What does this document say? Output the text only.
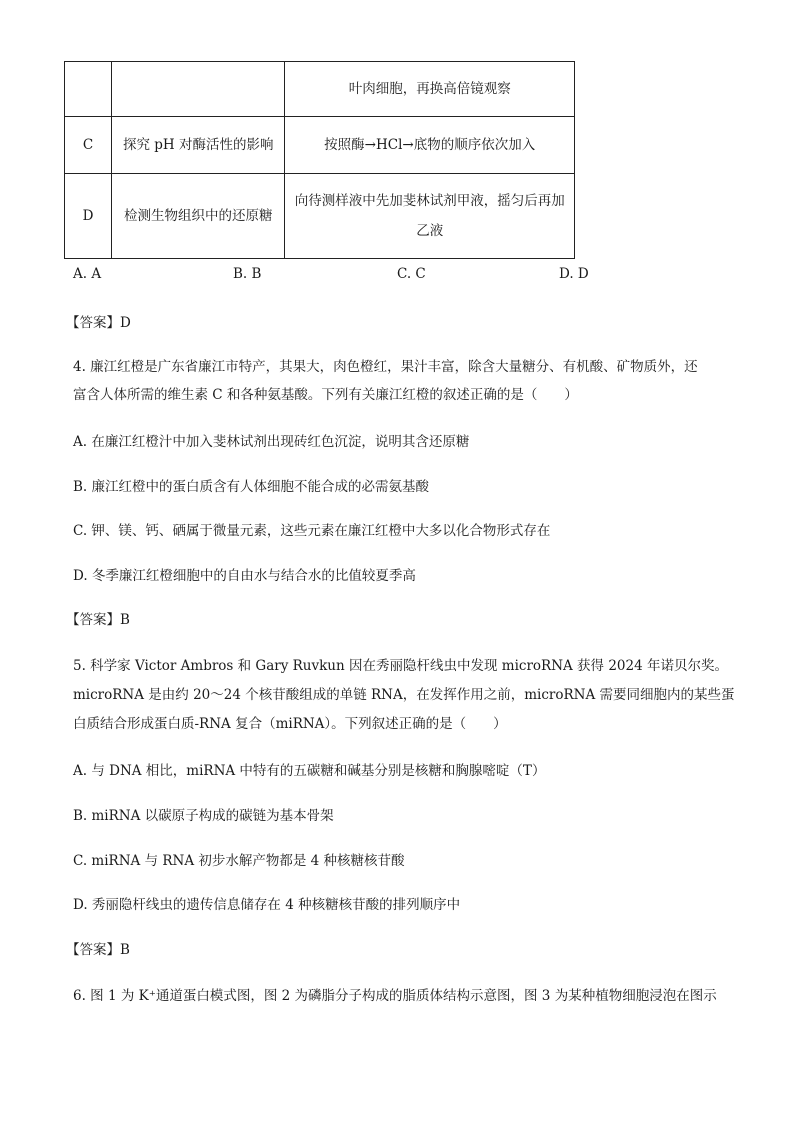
		叶肉细胞，再换高倍镜观察
C	探究 pH 对酶活性的影响	按照酶→HCl→底物的顺序依次加入
D	检测生物组织中的还原糖	向待测样液中先加斐林试剂甲液，摇匀后再加
乙液
A. A	B. B	C. C	D. D
【答案】D
4. 廉江红橙是广东省廉江市特产，其果大，肉色橙红，果汁丰富，除含大量糖分、有机酸、矿物质外，还
富含人体所需的维生素 C 和各种氨基酸。下列有关廉江红橙的叙述正确的是（　　）
A. 在廉江红橙汁中加入斐林试剂出现砖红色沉淀，说明其含还原糖
B. 廉江红橙中的蛋白质含有人体细胞不能合成的必需氨基酸
C. 钾、镁、钙、硒属于微量元素，这些元素在廉江红橙中大多以化合物形式存在
D. 冬季廉江红橙细胞中的自由水与结合水的比值较夏季高
【答案】B
5. 科学家 Victor Ambros 和 Gary Ruvkun 因在秀丽隐杆线虫中发现 microRNA 获得 2024 年诺贝尔奖。
microRNA 是由约 20～24 个核苷酸组成的单链 RNA，在发挥作用之前，microRNA 需要同细胞内的某些蛋
白质结合形成蛋白质-RNA 复合（miRNA）。下列叙述正确的是（　　）
A. 与 DNA 相比，miRNA 中特有的五碳糖和碱基分别是核糖和胸腺嘧啶（T）
B. miRNA 以碳原子构成的碳链为基本骨架
C. miRNA 与 RNA 初步水解产物都是 4 种核糖核苷酸
D. 秀丽隐杆线虫的遗传信息储存在 4 种核糖核苷酸的排列顺序中
【答案】B
6. 图 1 为 K⁺通道蛋白模式图，图 2 为磷脂分子构成的脂质体结构示意图，图 3 为某种植物细胞浸泡在图示
